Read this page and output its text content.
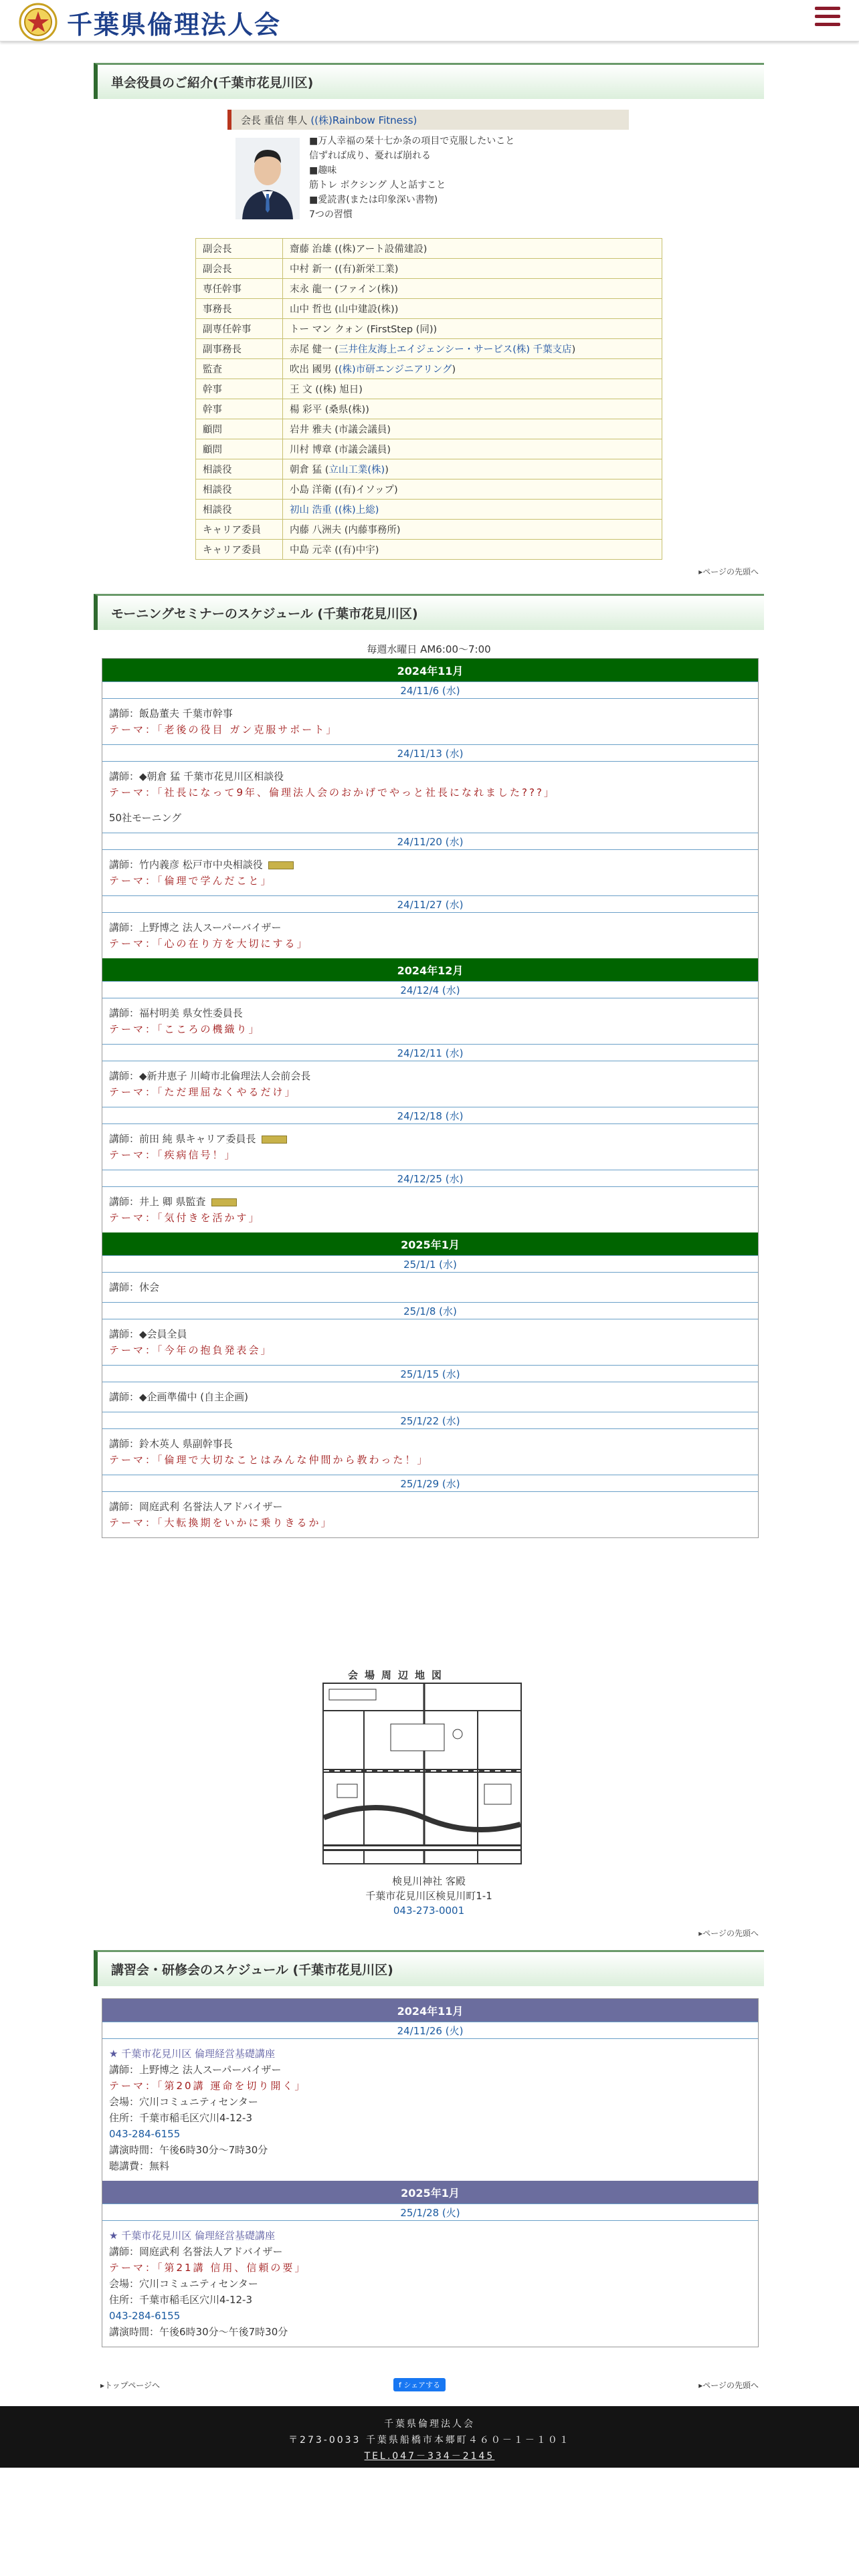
千葉県倫理法人会
単会役員のご紹介(千葉市花見川区)
会長 重信 隼人
((株)Rainbow Fitness)
■万人幸福の栞十七か条の項目で克服したいこと
信ずれば成り、憂れば崩れる
■趣味
筋トレ ボクシング 人と話すこと
■愛読書(または印象深い書物)
7つの習慣
副会長	齋藤 治雄 ((株)アート設備建設)
副会長	中村 新一 ((有)新栄工業)
専任幹事	末永 龍一 (ファイン(株))
事務長	山中 哲也 (山中建設(株))
副専任幹事	トー マン クォン (FirstStep (同))
副事務長	赤尾 健一 (三井住友海上エイジェンシー・サービス(株) 千葉支店)
監査	吹出 國男 ((株)市研エンジニアリング)
幹事	王 文 ((株) 旭日)
幹事	楊 彩平 (桑県(株))
顧問	岩井 雅夫 (市議会議員)
顧問	川村 博章 (市議会議員)
相談役	朝倉 猛 (立山工業(株))
相談役	小島 洋衛 ((有)イソップ)
相談役	初山 浩重 ((株)上総)
キャリア委員	内藤 八洲夫 (内藤事務所)
キャリア委員	中島 元幸 ((有)中宇)
▸ページの先頭へ
モーニングセミナーのスケジュール (千葉市花見川区)
毎週水曜日 AM6:00〜7:00
2024年11月
24/11/6 (水)
講師：飯島董夫 千葉市幹事
テーマ：「老後の役目 ガン克服サポート」
24/11/13 (水)
講師：◆朝倉 猛 千葉市花見川区相談役
テーマ：「社長になって9年、倫理法人会のおかげでやっと社長になれました???」
50社モーニング
24/11/20 (水)
講師：竹内義彦 松戸市中央相談役
テーマ：「倫理で学んだこと」
24/11/27 (水)
講師：上野博之 法人スーパーバイザー
テーマ：「心の在り方を大切にする」
2024年12月
24/12/4 (水)
講師：福村明美 県女性委員長
テーマ：「こころの機織り」
24/12/11 (水)
講師：◆新井恵子 川崎市北倫理法人会前会長
テーマ：「ただ理屈なくやるだけ」
24/12/18 (水)
講師：前田 純 県キャリア委員長
テーマ：「疾病信号！」
24/12/25 (水)
講師：井上 卿 県監査
テーマ：「気付きを活かす」
2025年1月
25/1/1 (水)
講師：休会
25/1/8 (水)
講師：◆会員全員
テーマ：「今年の抱負発表会」
25/1/15 (水)
講師：◆企画準備中 (自主企画)
25/1/22 (水)
講師：鈴木英人 県副幹事長
テーマ：「倫理で大切なことはみんな仲間から教わった！」
25/1/29 (水)
講師：岡庭武利 名誉法人アドバイザー
テーマ：「大転換期をいかに乗りきるか」
会場周辺地図
検見川神社 客殿
千葉市花見川区検見川町1-1
043-273-0001
▸ページの先頭へ
講習会・研修会のスケジュール (千葉市花見川区)
2024年11月
24/11/26 (火)
★ 千葉市花見川区 倫理経営基礎講座
講師：上野博之 法人スーパーバイザー
テーマ：「第20講 運命を切り開く」
会場：穴川コミュニティセンター
住所：千葉市稲毛区穴川4-12-3
043-284-6155
講演時間：午後6時30分〜7時30分
聴講費：無料
2025年1月
25/1/28 (火)
★ 千葉市花見川区 倫理経営基礎講座
講師：岡庭武利 名誉法人アドバイザー
テーマ：「第21講 信用、信頼の要」
会場：穴川コミュニティセンター
住所：千葉市稲毛区穴川4-12-3
043-284-6155
講演時間：午後6時30分〜午後7時30分
▸トップページへ	f シェアする	▸ページの先頭へ
千葉県倫理法人会
〒273-0033 千葉県船橋市本郷町４６０－１－１０１
TEL.047－334－2145
